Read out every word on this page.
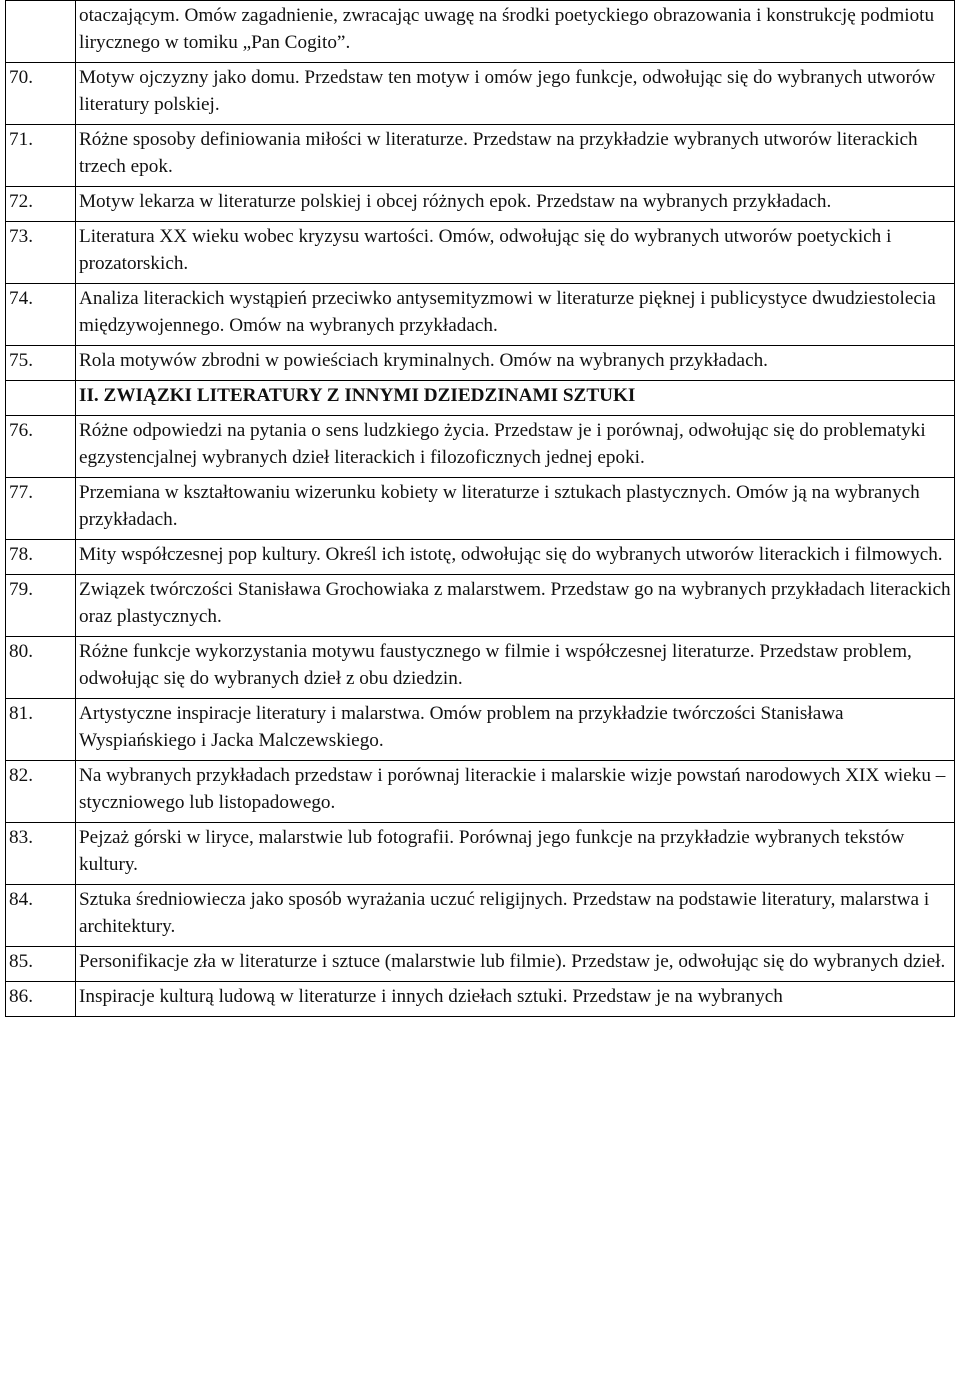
	otaczającym. Omów zagadnienie, zwracając uwagę na środki poetyckiego obrazowania i konstrukcję podmiotu lirycznego w tomiku „Pan Cogito”.
70.	Motyw ojczyzny jako domu. Przedstaw ten motyw i omów jego funkcje, odwołując się do wybranych utworów literatury polskiej.
71.	Różne sposoby definiowania miłości w literaturze. Przedstaw na przykładzie wybranych utworów literackich trzech epok.
72.	Motyw lekarza w literaturze polskiej i obcej różnych epok. Przedstaw na wybranych przykładach.
73.	Literatura XX wieku wobec kryzysu wartości. Omów, odwołując się do wybranych utworów poetyckich i prozatorskich.
74.	Analiza literackich wystąpień przeciwko antysemityzmowi w literaturze pięknej i publicystyce dwudziestolecia międzywojennego. Omów na wybranych przykładach.
75.	Rola motywów zbrodni w powieściach kryminalnych. Omów na wybranych przykładach.
	II. ZWIĄZKI LITERATURY Z INNYMI DZIEDZINAMI SZTUKI
76.	Różne odpowiedzi na pytania o sens ludzkiego życia. Przedstaw je i porównaj, odwołując się do problematyki egzystencjalnej wybranych dzieł literackich i filozoficznych jednej epoki.
77.	Przemiana w kształtowaniu wizerunku kobiety w literaturze i sztukach plastycznych. Omów ją na wybranych przykładach.
78.	Mity współczesnej pop kultury. Określ ich istotę, odwołując się do wybranych utworów literackich i filmowych.
79.	Związek twórczości Stanisława Grochowiaka z malarstwem. Przedstaw go na wybranych przykładach literackich oraz plastycznych.
80.	Różne funkcje wykorzystania motywu faustycznego w filmie i współczesnej literaturze. Przedstaw problem, odwołując się do wybranych dzieł z obu dziedzin.
81.	Artystyczne inspiracje literatury i malarstwa. Omów problem na przykładzie twórczości Stanisława Wyspiańskiego i Jacka Malczewskiego.
82.	Na wybranych przykładach przedstaw i porównaj literackie i malarskie wizje powstań narodowych XIX wieku – styczniowego lub listopadowego.
83.	Pejzaż górski w liryce, malarstwie lub fotografii. Porównaj jego funkcje na przykładzie wybranych tekstów kultury.
84.	Sztuka średniowiecza jako sposób wyrażania uczuć religijnych. Przedstaw na podstawie literatury, malarstwa i architektury.
85.	Personifikacje zła w literaturze i sztuce (malarstwie lub filmie). Przedstaw je, odwołując się do wybranych dzieł.
86.	Inspiracje kulturą ludową w literaturze i innych dziełach sztuki. Przedstaw je na wybranych
